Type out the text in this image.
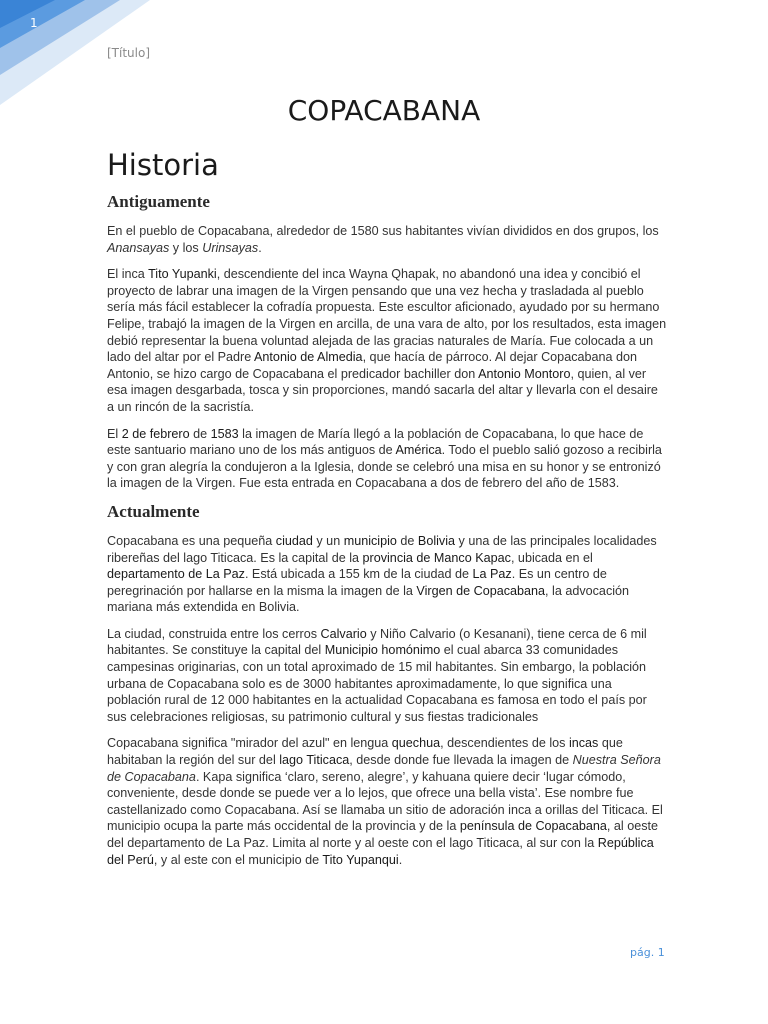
1
[Título]
COPACABANA
Historia
Antiguamente

En el pueblo de Copacabana, alrededor de 1580 sus habitantes vivían divididos en dos grupos, los Anansayas y los Urinsayas.

El inca Tito Yupanki, descendiente del inca Wayna Qhapak, no abandonó una idea y concibió el proyecto de labrar una imagen de la Virgen pensando que una vez hecha y trasladada al pueblo sería más fácil establecer la cofradía propuesta. Este escultor aficionado, ayudado por su hermano Felipe, trabajó la imagen de la Virgen en arcilla, de una vara de alto, por los resultados, esta imagen debió representar la buena voluntad alejada de las gracias naturales de María. Fue colocada a un lado del altar por el Padre Antonio de Almedia, que hacía de párroco. Al dejar Copacabana don Antonio, se hizo cargo de Copacabana el predicador bachiller don Antonio Montoro, quien, al ver esa imagen desgarbada, tosca y sin proporciones, mandó sacarla del altar y llevarla con el desaire a un rincón de la sacristía.

El 2 de febrero de 1583 la imagen de María llegó a la población de Copacabana, lo que hace de este santuario mariano uno de los más antiguos de América. Todo el pueblo salió gozoso a recibirla y con gran alegría la condujeron a la Iglesia, donde se celebró una misa en su honor y se entronizó la imagen de la Virgen. Fue esta entrada en Copacabana a dos de febrero del año de 1583.

Actualmente

Copacabana es una pequeña ciudad y un municipio de Bolivia y una de las principales localidades ribereñas del lago Titicaca. Es la capital de la provincia de Manco Kapac, ubicada en el departamento de La Paz. Está ubicada a 155 km de la ciudad de La Paz. Es un centro de peregrinación por hallarse en la misma la imagen de la Virgen de Copacabana, la advocación mariana más extendida en Bolivia.

La ciudad, construida entre los cerros Calvario y Niño Calvario (o Kesanani), tiene cerca de 6 mil habitantes. Se constituye la capital del Municipio homónimo el cual abarca 33 comunidades campesinas originarias, con un total aproximado de 15 mil habitantes. Sin embargo, la población urbana de Copacabana solo es de 3000 habitantes aproximadamente, lo que significa una población rural de 12 000 habitantes en la actualidad Copacabana es famosa en todo el país por sus celebraciones religiosas, su patrimonio cultural y sus fiestas tradicionales

Copacabana significa "mirador del azul" en lengua quechua, descendientes de los incas que habitaban la región del sur del lago Titicaca, desde donde fue llevada la imagen de Nuestra Señora de Copacabana. Kapa significa ‘claro, sereno, alegre’, y kahuana quiere decir ‘lugar cómodo, conveniente, desde donde se puede ver a lo lejos, que ofrece una bella vista’. Ese nombre fue castellanizado como Copacabana. Así se llamaba un sitio de adoración inca a orillas del Titicaca. El municipio ocupa la parte más occidental de la provincia y de la península de Copacabana, al oeste del departamento de La Paz. Limita al norte y al oeste con el lago Titicaca, al sur con la República del Perú, y al este con el municipio de Tito Yupanqui.

pág. 1
